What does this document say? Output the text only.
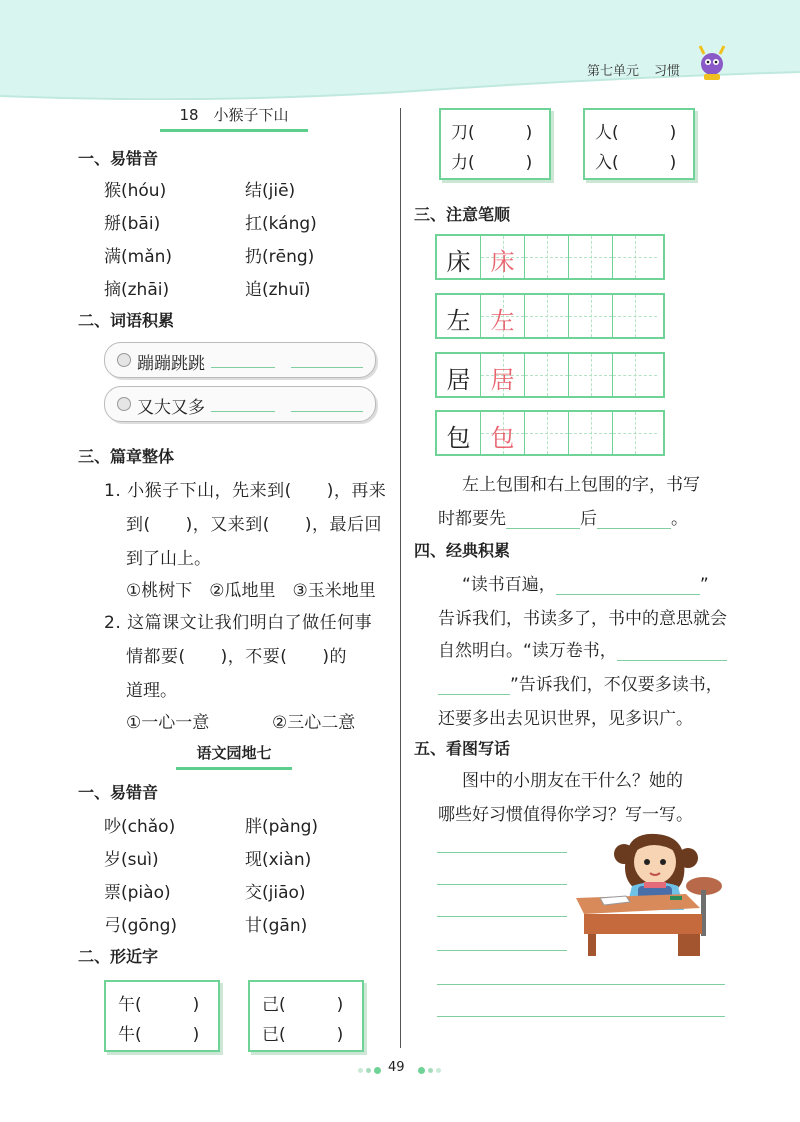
第七单元 习惯
18　小猴子下山
一、易错音
猴(hóu)	结(jiē)
掰(bāi)	扛(káng)
满(mǎn)	扔(rēng)
摘(zhāi)	追(zhuī)
二、词语积累
蹦蹦跳跳
又大又多
三、篇章整体
1. 小猴子下山，先来到(　　)，再来
到(　　)，又来到(　　)，最后回
到了山上。
①桃树下　②瓜地里　③玉米地里
2. 这篇课文让我们明白了做任何事
情都要(　　)，不要(　　)的
道理。
①一心一意	②三心二意
语文园地七
一、易错音
吵(chǎo)	胖(pàng)
岁(suì)	现(xiàn)
票(piào)	交(jiāo)
弓(gōng)	甘(gān)
二、形近字
午(　　　)
牛(　　　)
己(　　　)
已(　　　)
刀(　　　)
力(　　　)
人(　　　)
入(　　　)
三、注意笔顺
床 床
左 左
居 居
包 包
左上包围和右上包围的字，书写
时都要先	后	。
四、经典积累
“读书百遍，	”
告诉我们，书读多了，书中的意思就会
自然明白。“读万卷书，
”告诉我们，不仅要多读书，
还要多出去见识世界，见多识广。
五、看图写话
图中的小朋友在干什么？她的
哪些好习惯值得你学习？写一写。
49
